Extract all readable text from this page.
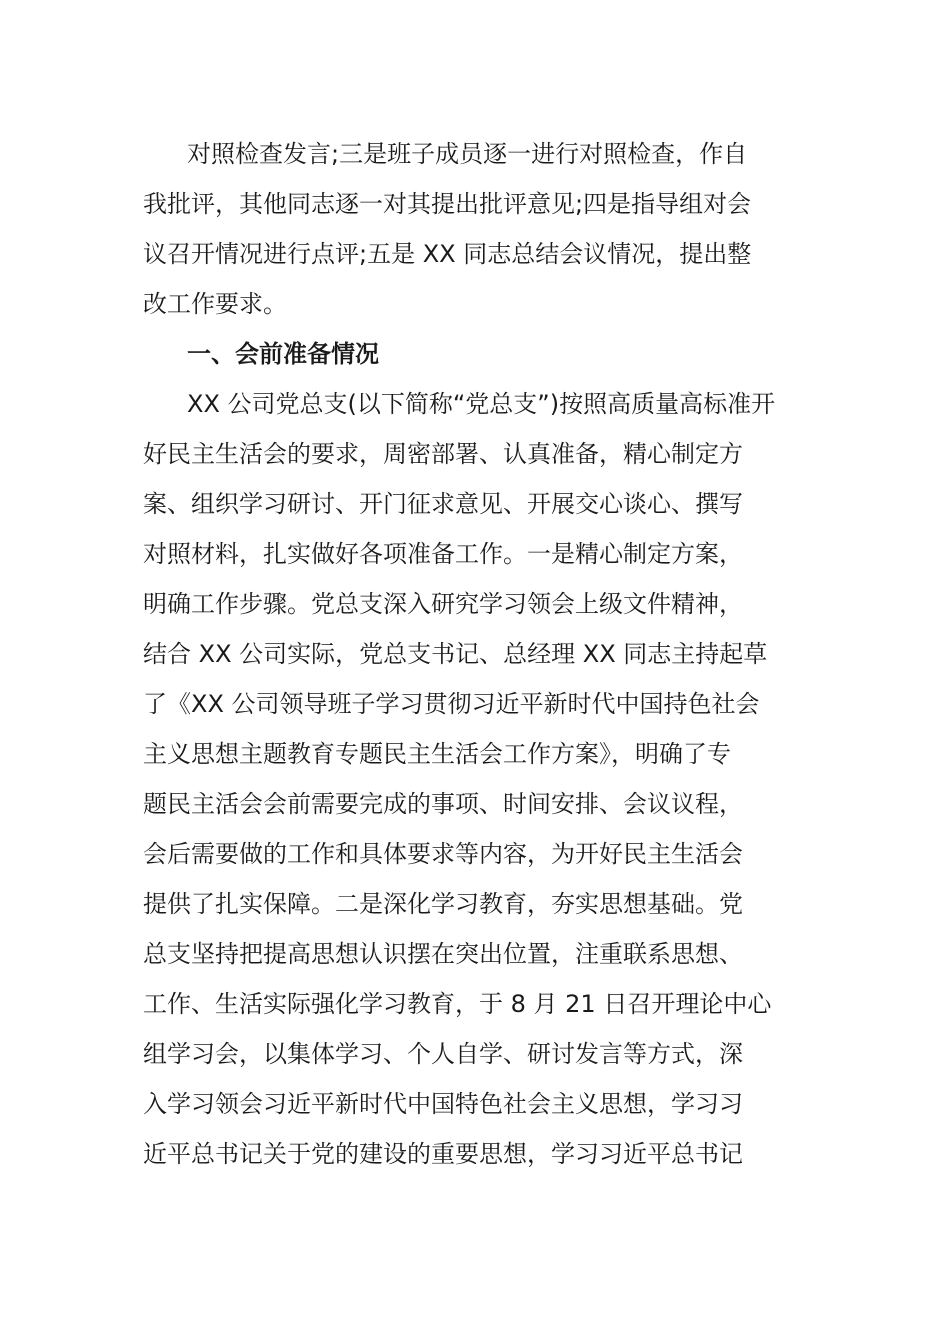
对照检查发言;三是班子成员逐一进行对照检查，作自
我批评，其他同志逐一对其提出批评意见;四是指导组对会
议召开情况进行点评;五是 XX 同志总结会议情况，提出整
改工作要求。
一、会前准备情况
XX 公司党总支(以下简称“党总支”)按照高质量高标准开
好民主生活会的要求，周密部署、认真准备，精心制定方
案、组织学习研讨、开门征求意见、开展交心谈心、撰写
对照材料，扎实做好各项准备工作。一是精心制定方案，
明确工作步骤。党总支深入研究学习领会上级文件精神，
结合 XX 公司实际，党总支书记、总经理 XX 同志主持起草
了《XX 公司领导班子学习贯彻习近平新时代中国持色社会
主义思想主题教育专题民主生活会工作方案》，明确了专
题民主活会会前需要完成的事项、时间安排、会议议程，
会后需要做的工作和具体要求等内容，为开好民主生活会
提供了扎实保障。二是深化学习教育，夯实思想基础。党
总支坚持把提高思想认识摆在突出位置，注重联系思想、
工作、生活实际强化学习教育，于 8 月 21 日召开理论中心
组学习会，以集体学习、个人自学、研讨发言等方式，深
入学习领会习近平新时代中国特色社会主义思想，学习习
近平总书记关于党的建设的重要思想，学习习近平总书记
